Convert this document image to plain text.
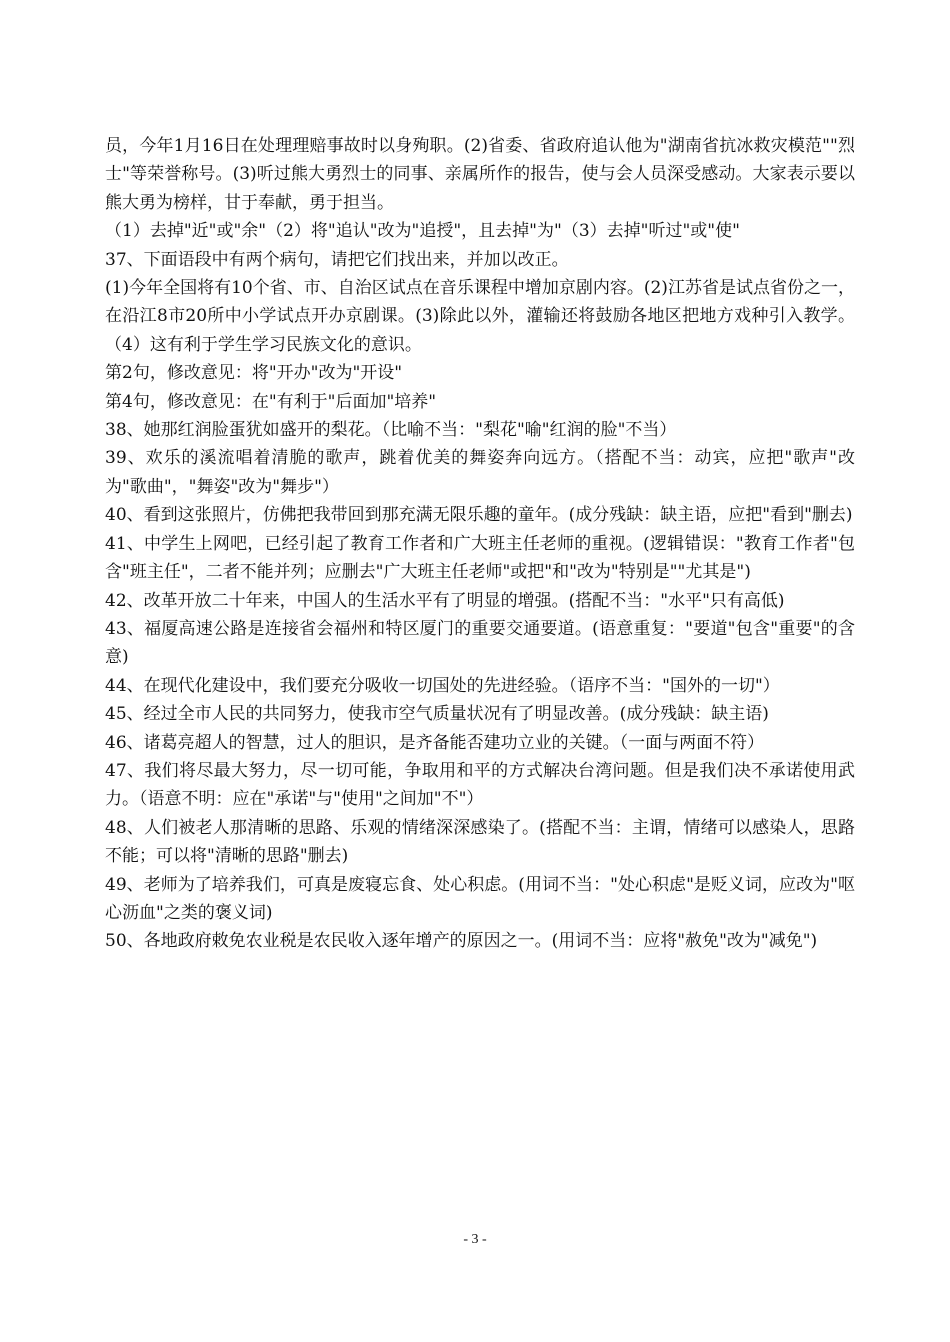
员，今年1月16日在处理理赔事故时以身殉职。(2)省委、省政府追认他为"湖南省抗冰救灾模范""烈士"等荣誉称号。(3)听过熊大勇烈士的同事、亲属所作的报告，使与会人员深受感动。大家表示要以熊大勇为榜样，甘于奉献，勇于担当。

（1）去掉"近"或"余"（2）将"追认"改为"追授"，且去掉"为"（3）去掉"听过"或"使"

37、下面语段中有两个病句，请把它们找出来，并加以改正。

(1)今年全国将有10个省、市、自治区试点在音乐课程中增加京剧内容。(2)江苏省是试点省份之一，在沿江8市20所中小学试点开办京剧课。(3)除此以外，灌输还将鼓励各地区把地方戏种引入教学。（4）这有利于学生学习民族文化的意识。

第2句，修改意见：将"开办"改为"开设"

第4句，修改意见：在"有利于"后面加"培养"

38、她那红润脸蛋犹如盛开的梨花。（比喻不当："梨花"喻"红润的脸"不当）

39、欢乐的溪流唱着清脆的歌声，跳着优美的舞姿奔向远方。（搭配不当：动宾，应把"歌声"改为"歌曲"，"舞姿"改为"舞步"）

40、看到这张照片，仿佛把我带回到那充满无限乐趣的童年。(成分残缺：缺主语，应把"看到"删去)

41、中学生上网吧，已经引起了教育工作者和广大班主任老师的重视。(逻辑错误："教育工作者"包含"班主任"，二者不能并列；应删去"广大班主任老师"或把"和"改为"特别是""尤其是")

42、改革开放二十年来，中国人的生活水平有了明显的增强。(搭配不当："水平"只有高低)

43、福厦高速公路是连接省会福州和特区厦门的重要交通要道。(语意重复："要道"包含"重要"的含意)

44、在现代化建设中，我们要充分吸收一切国处的先进经验。（语序不当："国外的一切"）

45、经过全市人民的共同努力，使我市空气质量状况有了明显改善。(成分残缺：缺主语)

46、诸葛亮超人的智慧，过人的胆识，是齐备能否建功立业的关键。（一面与两面不符）

47、我们将尽最大努力，尽一切可能，争取用和平的方式解决台湾问题。但是我们决不承诺使用武力。（语意不明：应在"承诺"与"使用"之间加"不"）

48、人们被老人那清晰的思路、乐观的情绪深深感染了。(搭配不当：主谓，情绪可以感染人，思路不能；可以将"清晰的思路"删去)

49、老师为了培养我们，可真是废寝忘食、处心积虑。(用词不当："处心积虑"是贬义词，应改为"呕心沥血"之类的褒义词)

50、各地政府敕免农业税是农民收入逐年增产的原因之一。(用词不当：应将"赦免"改为"减免")

- 3 -
